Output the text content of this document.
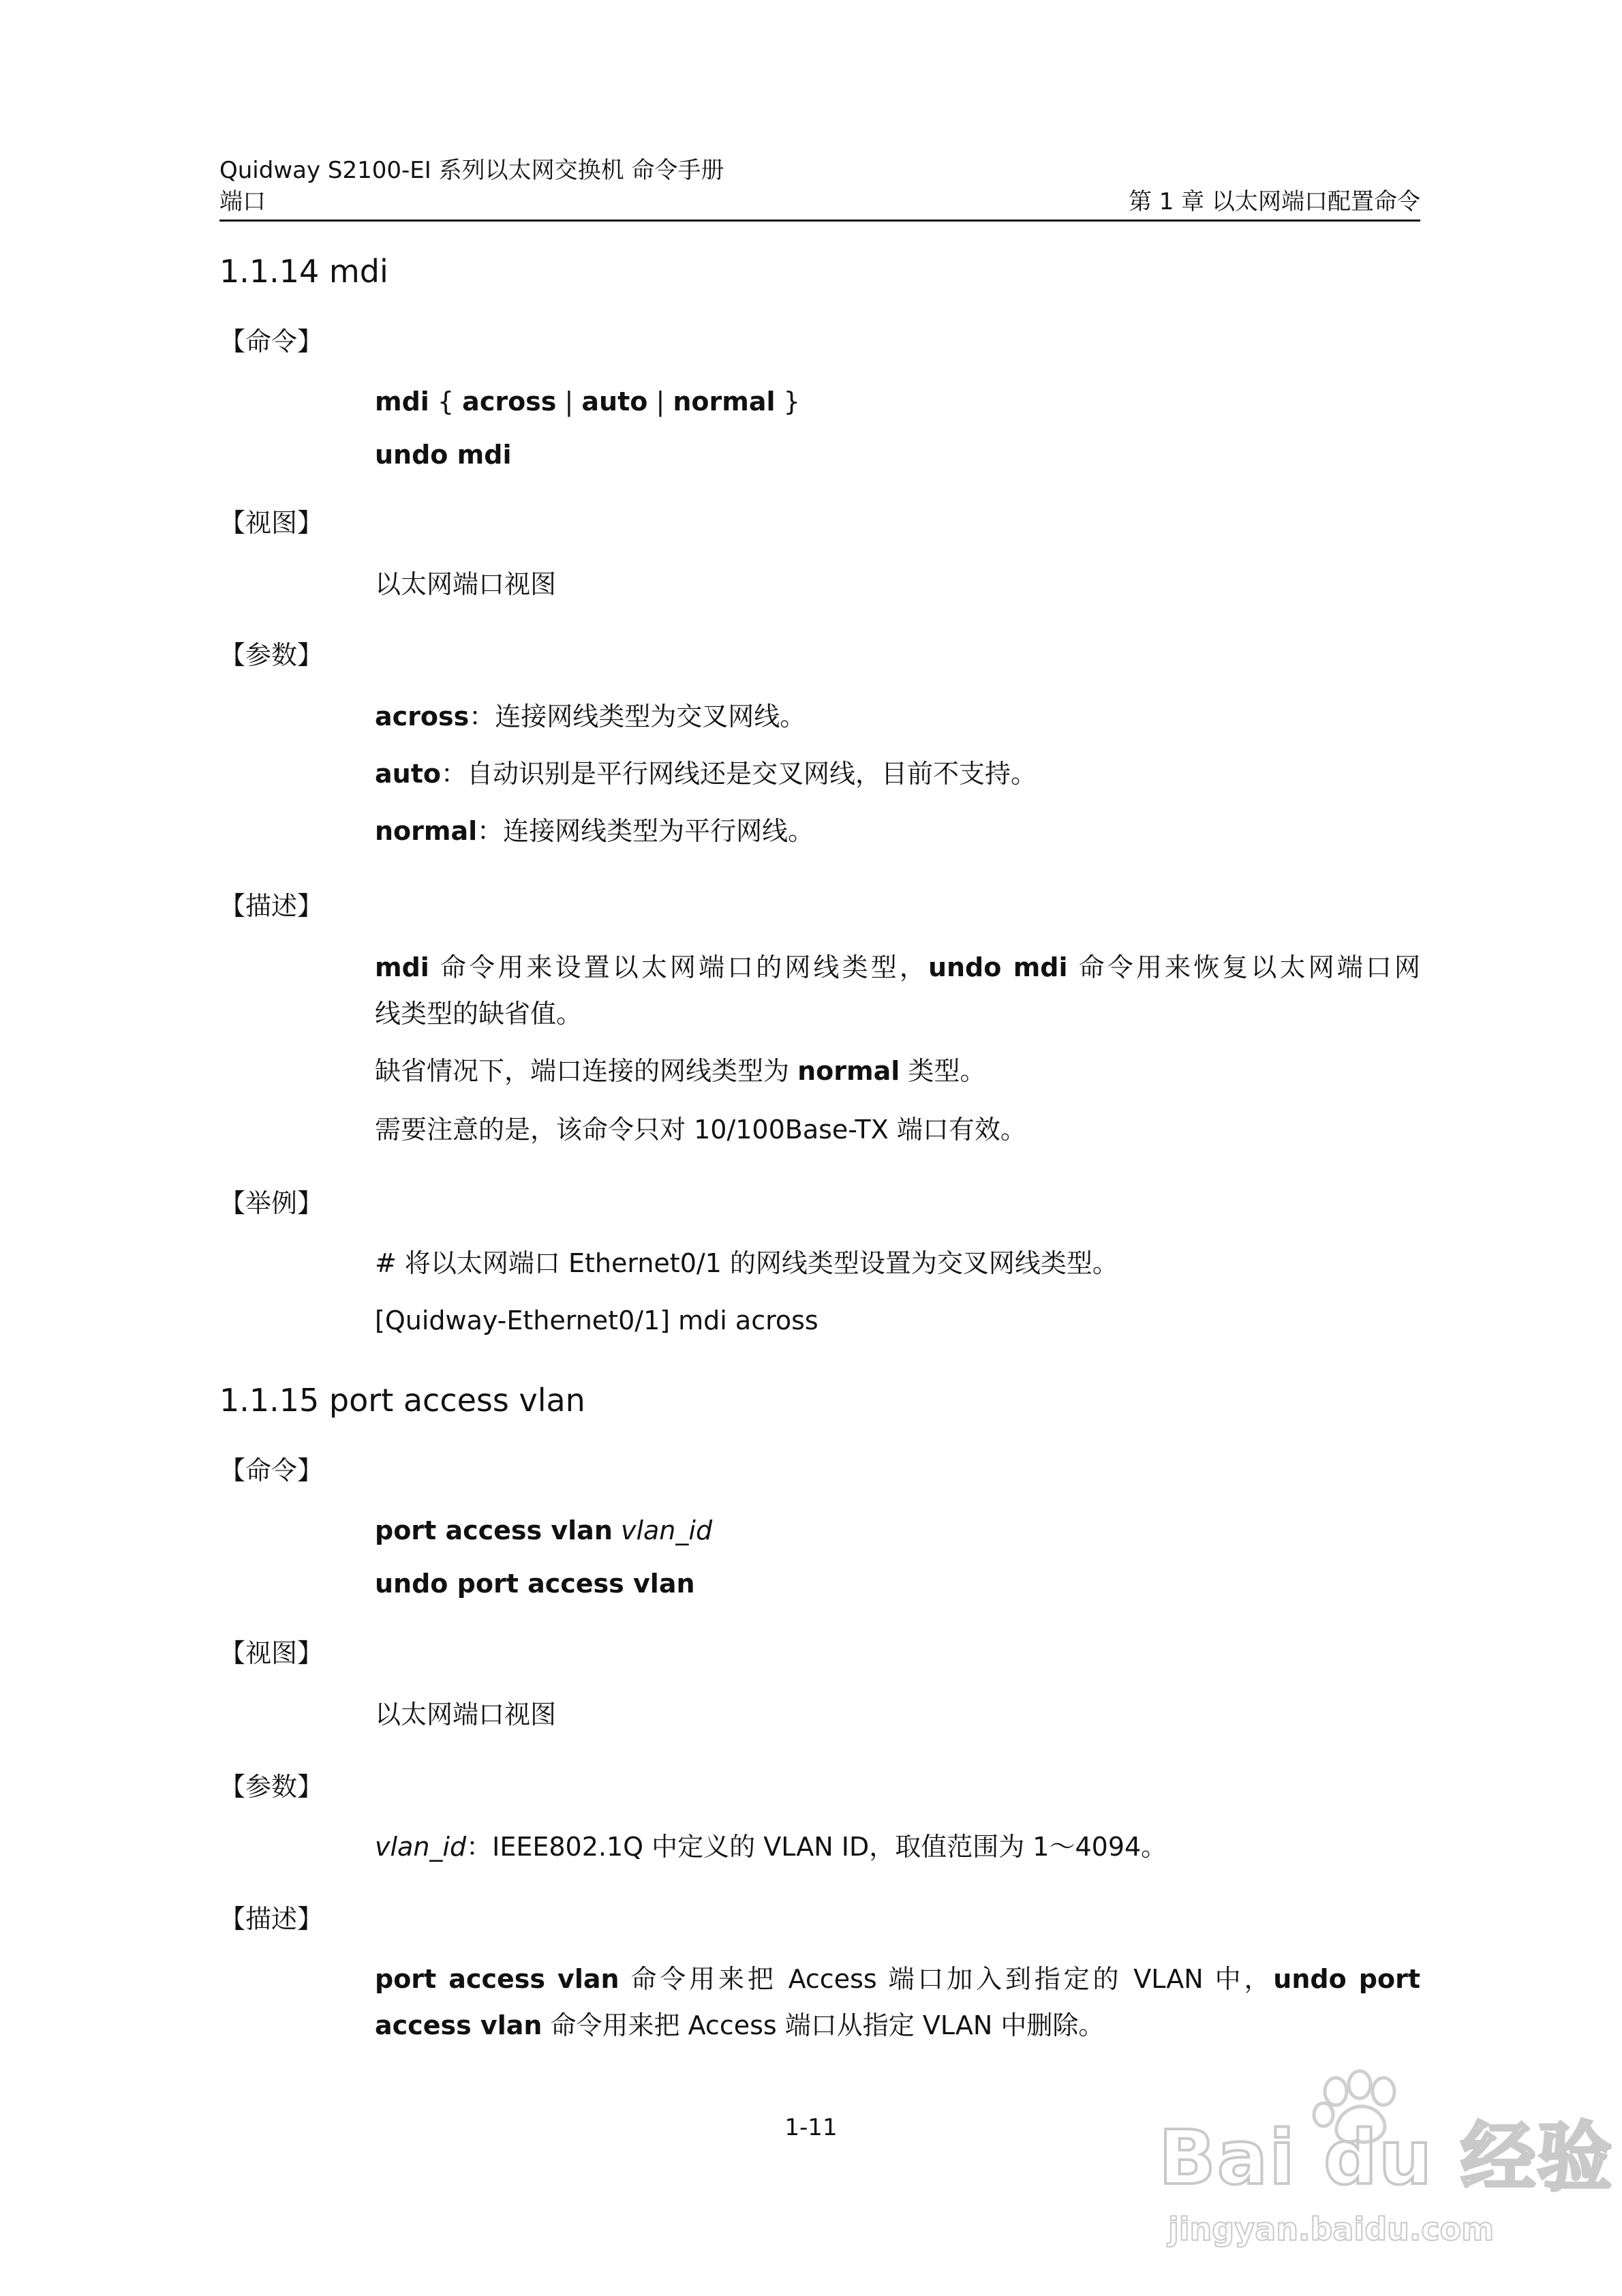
Quidway S2100-EI 系列以太网交换机 命令手册
端口	第 1 章 以太网端口配置命令
1.1.14 mdi
【命令】
mdi { across | auto | normal }
undo mdi
【视图】
以太网端口视图
【参数】
across：连接网线类型为交叉网线。
auto：自动识别是平行网线还是交叉网线，目前不支持。
normal：连接网线类型为平行网线。
【描述】
mdi 命令用来设置以太网端口的网线类型，undo mdi 命令用来恢复以太网端口网
线类型的缺省值。
缺省情况下，端口连接的网线类型为 normal 类型。
需要注意的是，该命令只对 10/100Base-TX 端口有效。
【举例】
# 将以太网端口 Ethernet0/1 的网线类型设置为交叉网线类型。
[Quidway-Ethernet0/1] mdi across
1.1.15 port access vlan
【命令】
port access vlan vlan_id
undo port access vlan
【视图】
以太网端口视图
【参数】
vlan_id：IEEE802.1Q 中定义的 VLAN ID，取值范围为 1～4094。
【描述】
port access vlan 命令用来把 Access 端口加入到指定的 VLAN 中，undo port
access vlan 命令用来把 Access 端口从指定 VLAN 中删除。
1-11	Bai du 经验
jingyan.baidu.com
